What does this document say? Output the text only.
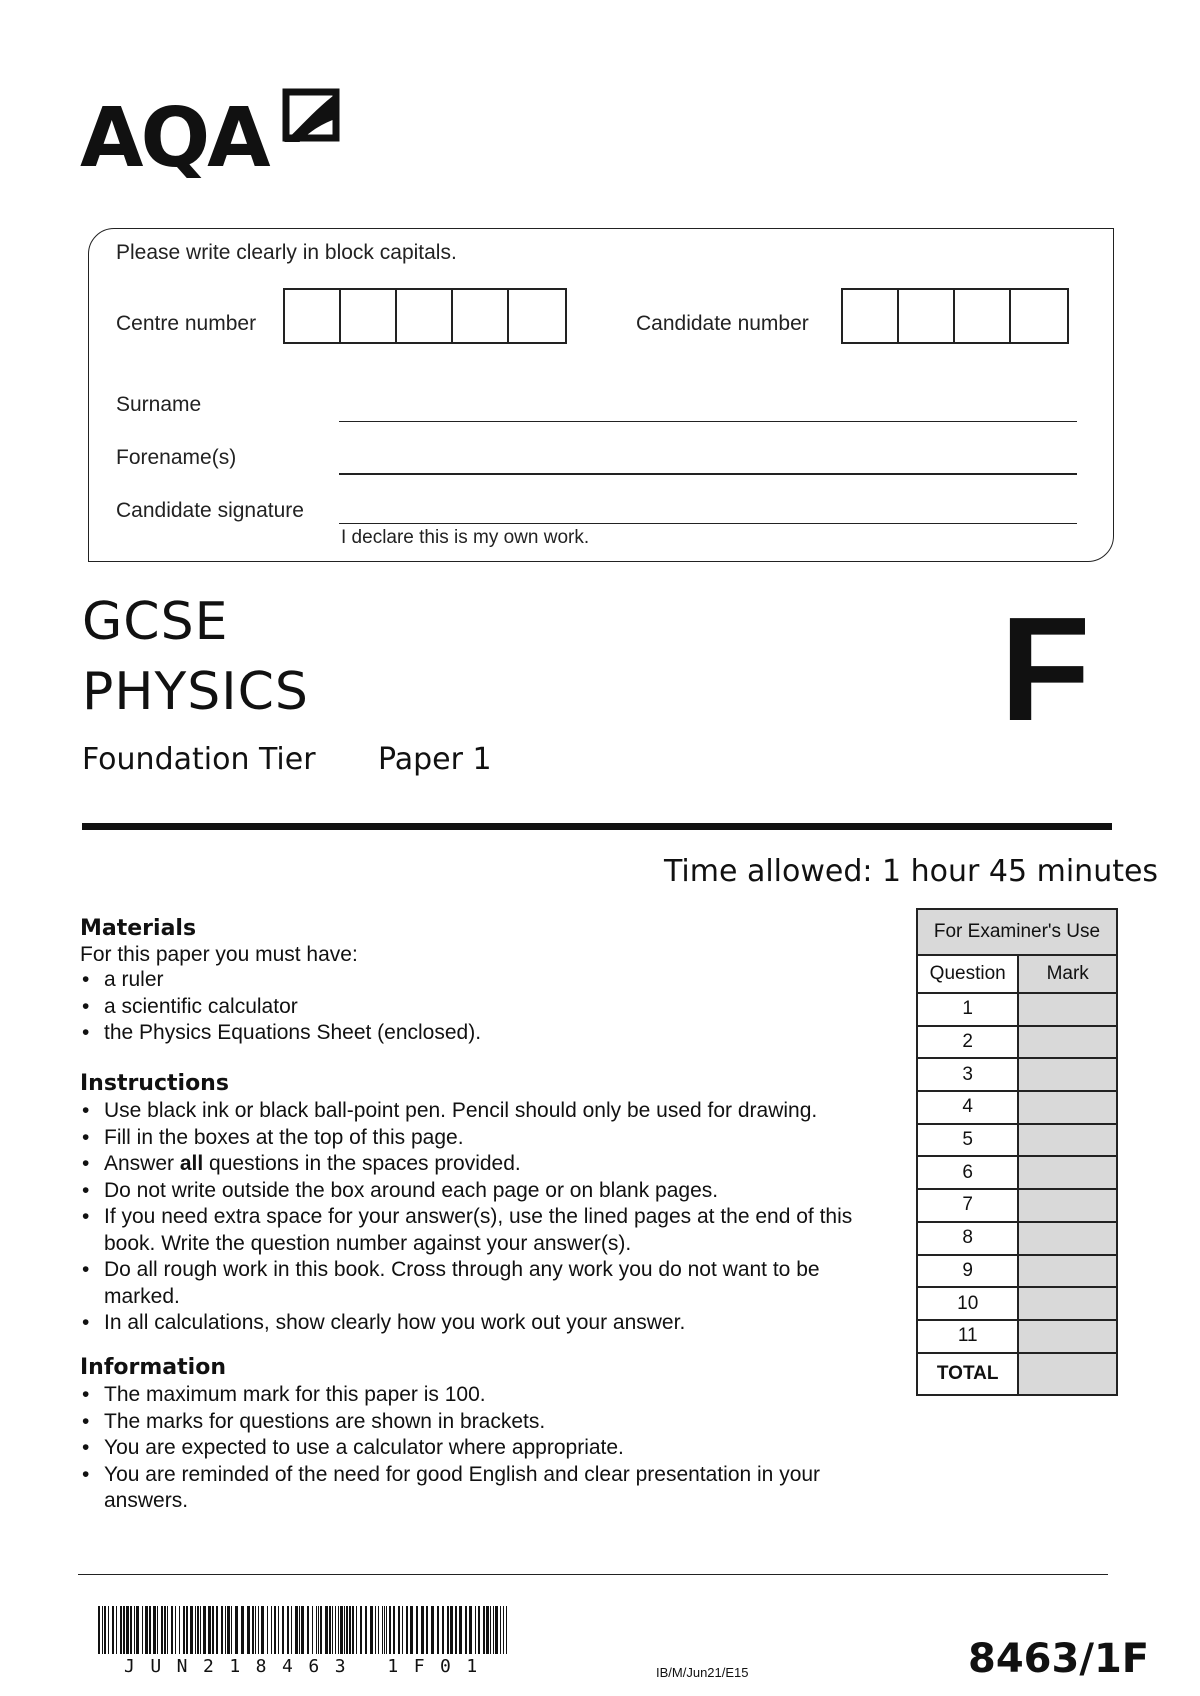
AQA
Please write clearly in block capitals.
Centre number	Candidate number
Surname
Forename(s)
Candidate signature
I declare this is my own work.
GCSE
PHYSICS
Foundation Tier Paper 1
F
Time allowed: 1 hour 45 minutes
Materials
For this paper you must have:
• a ruler
• a scientific calculator
• the Physics Equations Sheet (enclosed).
Instructions
• Use black ink or black ball-point pen. Pencil should only be used for drawing.
• Fill in the boxes at the top of this page.
• Answer all questions in the spaces provided.
• Do not write outside the box around each page or on blank pages.
• If you need extra space for your answer(s), use the lined pages at the end of this book. Write the question number against your answer(s).
• Do all rough work in this book. Cross through any work you do not want to be marked.
• In all calculations, show clearly how you work out your answer.
Information
• The maximum mark for this paper is 100.
• The marks for questions are shown in brackets.
• You are expected to use a calculator where appropriate.
• You are reminded of the need for good English and clear presentation in your answers.
For Examiner's Use	
Question	Mark
1	
2	
3	
4	
5	
6	
7	
8	
9	
10	
11	
TOTAL	
JUN218463 1F01	IB/M/Jun21/E15	8463/1F
